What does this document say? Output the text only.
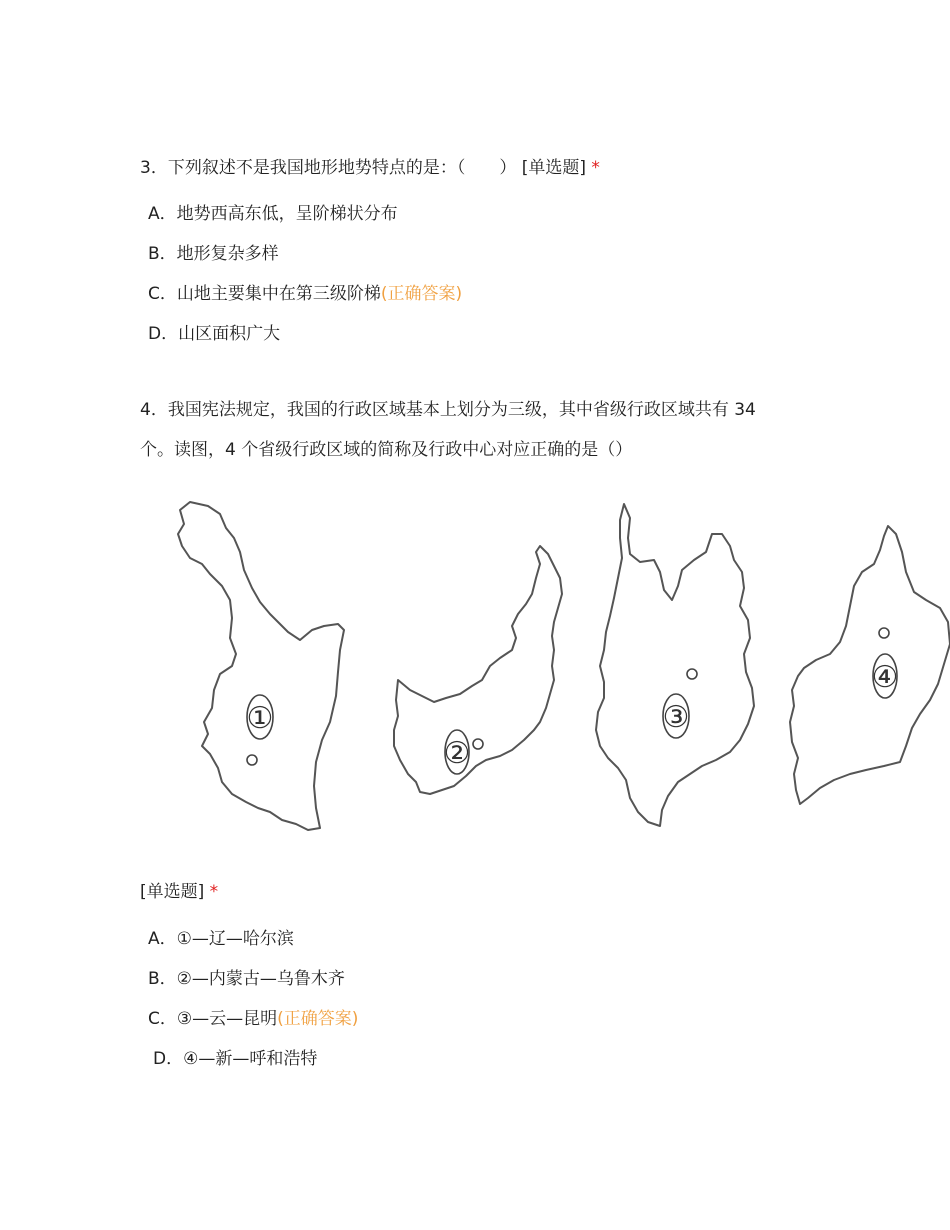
3．下列叙述不是我国地形地势特点的是：（　　） [单选题] *

A．地势西高东低，呈阶梯状分布
B．地形复杂多样
C．山地主要集中在第三级阶梯(正确答案)
D．山区面积广大

4．我国宪法规定，我国的行政区域基本上划分为三级，其中省级行政区域共有 34

个。读图，4 个省级行政区域的简称及行政中心对应正确的是（）

①
②
③
④

[单选题] *

A．①—辽—哈尔滨
B．②—内蒙古—乌鲁木齐
C．③—云—昆明(正确答案)
D．④—新—呼和浩特
